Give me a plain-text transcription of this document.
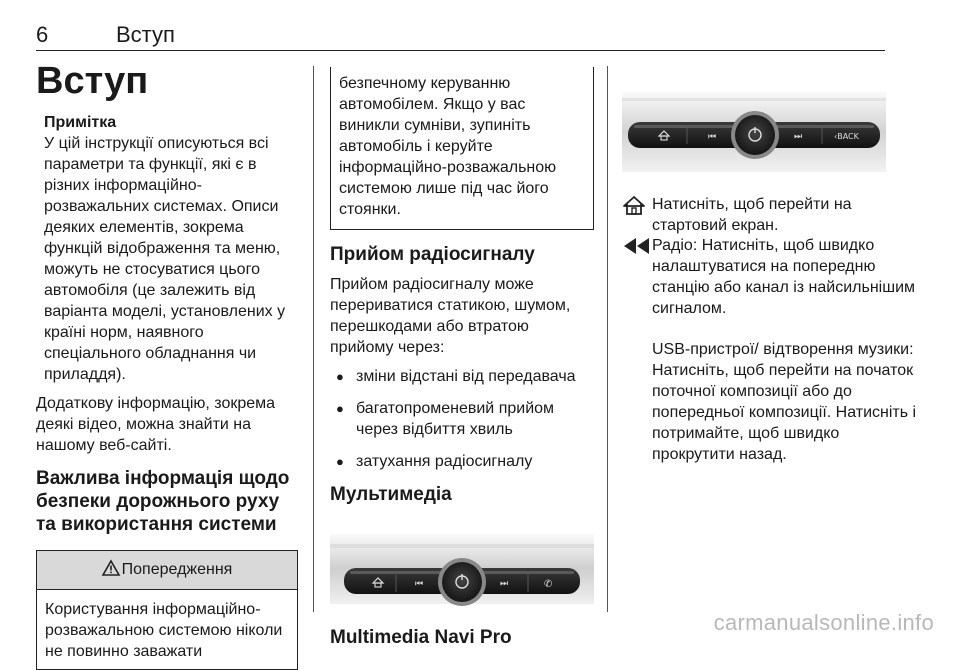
6	Вступ
Вступ
Примітка
У цій інструкції описуються всі параметри та функції, які є в різних інформаційно-розважальних системах. Описи деяких елементів, зокрема функцій відображення та меню, можуть не стосуватися цього автомобіля (це залежить від варіанта моделі, установлених у країні норм, наявного спеціального обладнання чи приладдя).
Додаткову інформацію, зокрема деякі відео, можна знайти на нашому веб-сайті.
Важлива інформація щодо безпеки дорожнього руху та використання системи
Попередження
Користування інформаційно-розважальною системою ніколи не повинно заважати
безпечному керуванню автомобілем. Якщо у вас виникли сумніви, зупиніть автомобіль і керуйте інформаційно-розважальною системою лише під час його стоянки.
Прийом радіосигналу
Прийом радіосигналу може перериватися статикою, шумом, перешкодами або втратою прийому через:
● зміни відстані від передавача
● багатопроменевий прийом через відбиття хвиль
● затухання радіосигналу
Мультимедіа
⏮	⏭	✆
Multimedia Navi Pro
⏮	⏭	‹BACK
Натисніть, щоб перейти на стартовий екран.
Радіо: Натисніть, щоб швидко налаштуватися на попередню станцію або канал із найсильнішим сигналом.
USB-пристрої/ відтворення музики: Натисніть, щоб перейти на початок поточної композиції або до попередньої композиції. Натисніть і потримайте, щоб швидко прокрутити назад.
carmanualsonline.info
